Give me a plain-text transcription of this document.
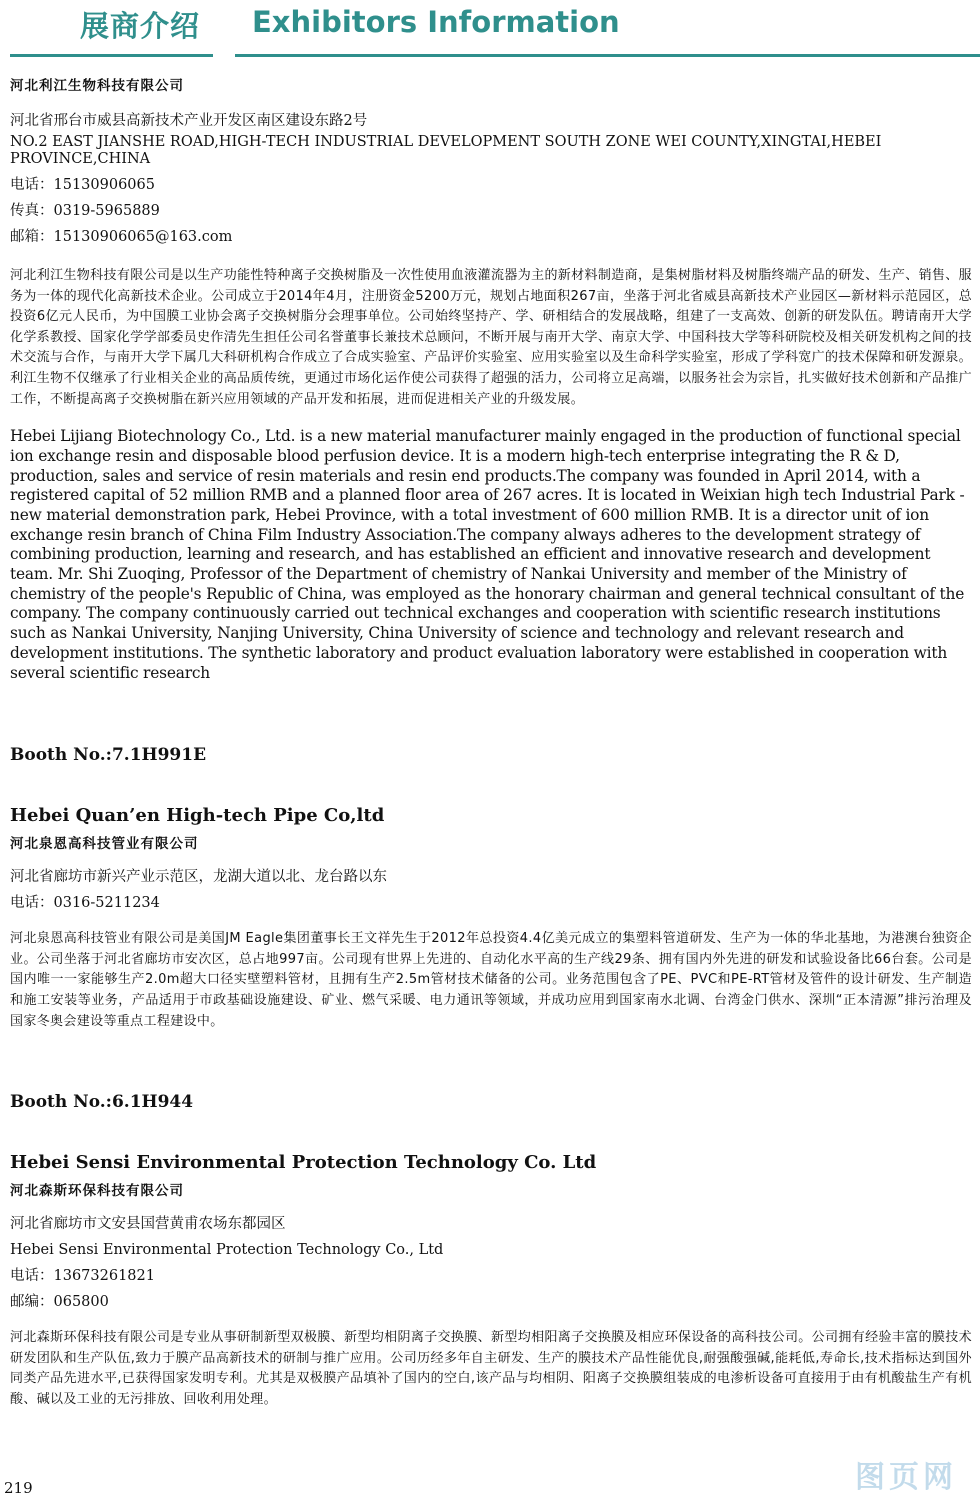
展商介绍 Exhibitors Information

河北利江生物科技有限公司

河北省邢台市威县高新技术产业开发区南区建设东路2号

NO.2 EAST JIANSHE ROAD,HIGH-TECH INDUSTRIAL DEVELOPMENT SOUTH ZONE WEI COUNTY,XINGTAI,HEBEI PROVINCE,CHINA

电话：15130906065

传真：0319-5965889

邮箱：15130906065@163.com

河北利江生物科技有限公司是以生产功能性特种离子交换树脂及一次性使用血液灌流器为主的新材料制造商，是集树脂材料及树脂终端产品的研发、生产、销售、服务为一体的现代化高新技术企业。公司成立于2014年4月，注册资金5200万元，规划占地面积267亩，坐落于河北省威县高新技术产业园区—新材料示范园区，总投资6亿元人民币，为中国膜工业协会离子交换树脂分会理事单位。公司始终坚持产、学、研相结合的发展战略，组建了一支高效、创新的研发队伍。聘请南开大学化学系教授、国家化学学部委员史作清先生担任公司名誉董事长兼技术总顾问，不断开展与南开大学、南京大学、中国科技大学等科研院校及相关研发机构之间的技术交流与合作，与南开大学下属几大科研机构合作成立了合成实验室、产品评价实验室、应用实验室以及生命科学实验室，形成了学科宽广的技术保障和研发源泉。利江生物不仅继承了行业相关企业的高品质传统，更通过市场化运作使公司获得了超强的活力，公司将立足高端，以服务社会为宗旨，扎实做好技术创新和产品推广工作，不断提高离子交换树脂在新兴应用领域的产品开发和拓展，进而促进相关产业的升级发展。

Hebei Lijiang Biotechnology Co., Ltd. is a new material manufacturer mainly engaged in the production of functional special ion exchange resin and disposable blood perfusion device. It is a modern high-tech enterprise integrating the R & D, production, sales and service of resin materials and resin end products.The company was founded in April 2014, with a registered capital of 52 million RMB and a planned floor area of 267 acres. It is located in Weixian high tech Industrial Park - new material demonstration park, Hebei Province, with a total investment of 600 million RMB. It is a director unit of ion exchange resin branch of China Film Industry Association.The company always adheres to the development strategy of combining production, learning and research, and has established an efficient and innovative research and development team. Mr. Shi Zuoqing, Professor of the Department of chemistry of Nankai University and member of the Ministry of chemistry of the people's Republic of China, was employed as the honorary chairman and general technical consultant of the company. The company continuously carried out technical exchanges and cooperation with scientific research institutions such as Nankai University, Nanjing University, China University of science and technology and relevant research and development institutions. The synthetic laboratory and product evaluation laboratory were established in cooperation with several scientific research

Booth No.:7.1H991E

Hebei Quan’en High-tech Pipe Co,ltd

河北泉恩高科技管业有限公司

河北省廊坊市新兴产业示范区，龙湖大道以北、龙台路以东

电话：0316-5211234

河北泉恩高科技管业有限公司是美国JM Eagle集团董事长王文祥先生于2012年总投资4.4亿美元成立的集塑料管道研发、生产为一体的华北基地，为港澳台独资企业。公司坐落于河北省廊坊市安次区，总占地997亩。公司现有世界上先进的、自动化水平高的生产线29条、拥有国内外先进的研发和试验设备比66台套。公司是国内唯一一家能够生产2.0m超大口径实壁塑料管材，且拥有生产2.5m管材技术储备的公司。业务范围包含了PE、PVC和PE-RT管材及管件的设计研发、生产制造和施工安装等业务，产品适用于市政基础设施建设、矿业、燃气采暖、电力通讯等领域，并成功应用到国家南水北调、台湾金门供水、深圳“正本清源”排污治理及国家冬奥会建设等重点工程建设中。

Booth No.:6.1H944

Hebei Sensi Environmental Protection Technology Co. Ltd

河北森斯环保科技有限公司

河北省廊坊市文安县国营黄甫农场东都园区

Hebei Sensi Environmental Protection Technology Co., Ltd

电话：13673261821

邮编：065800

河北森斯环保科技有限公司是专业从事研制新型双极膜、新型均相阴离子交换膜、新型均相阳离子交换膜及相应环保设备的高科技公司。公司拥有经验丰富的膜技术研发团队和生产队伍,致力于膜产品高新技术的研制与推广应用。公司历经多年自主研发、生产的膜技术产品性能优良,耐强酸强碱,能耗低,寿命长,技术指标达到国外同类产品先进水平,已获得国家发明专利。尤其是双极膜产品填补了国内的空白,该产品与均相阴、阳离子交换膜组装成的电渗析设备可直接用于由有机酸盐生产有机酸、碱以及工业的无污排放、回收利用处理。

219	图页网
